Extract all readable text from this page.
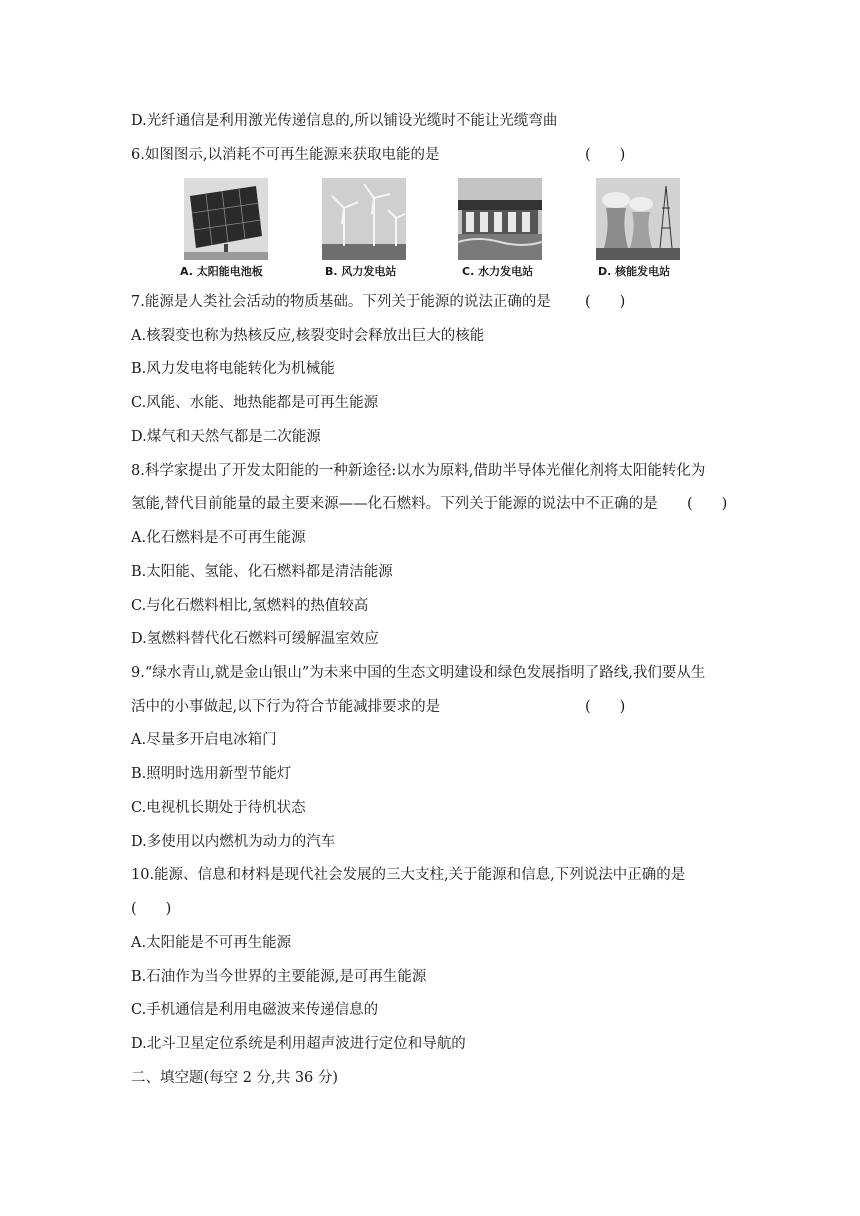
D.光纤通信是利用激光传递信息的,所以铺设光缆时不能让光缆弯曲
6.如图图示,以消耗不可再生能源来获取电能的是	(　　)
A. 太阳能电池板	B. 风力发电站	C. 水力发电站	D. 核能发电站
7.能源是人类社会活动的物质基础。下列关于能源的说法正确的是 (　　)
A.核裂变也称为热核反应,核裂变时会释放出巨大的核能
B.风力发电将电能转化为机械能
C.风能、水能、地热能都是可再生能源
D.煤气和天然气都是二次能源
8.科学家提出了开发太阳能的一种新途径:以水为原料,借助半导体光催化剂将太阳能转化为
氢能,替代目前能量的最主要来源——化石燃料。下列关于能源的说法中不正确的是 (　　)
A.化石燃料是不可再生能源
B.太阳能、氢能、化石燃料都是清洁能源
C.与化石燃料相比,氢燃料的热值较高
D.氢燃料替代化石燃料可缓解温室效应
9.“绿水青山,就是金山银山”为未来中国的生态文明建设和绿色发展指明了路线,我们要从生
活中的小事做起,以下行为符合节能减排要求的是	(　　)
A.尽量多开启电冰箱门
B.照明时选用新型节能灯
C.电视机长期处于待机状态
D.多使用以内燃机为动力的汽车
10.能源、信息和材料是现代社会发展的三大支柱,关于能源和信息,下列说法中正确的是
(　　)
A.太阳能是不可再生能源
B.石油作为当今世界的主要能源,是可再生能源
C.手机通信是利用电磁波来传递信息的
D.北斗卫星定位系统是利用超声波进行定位和导航的
二、填空题(每空 2 分,共 36 分)
